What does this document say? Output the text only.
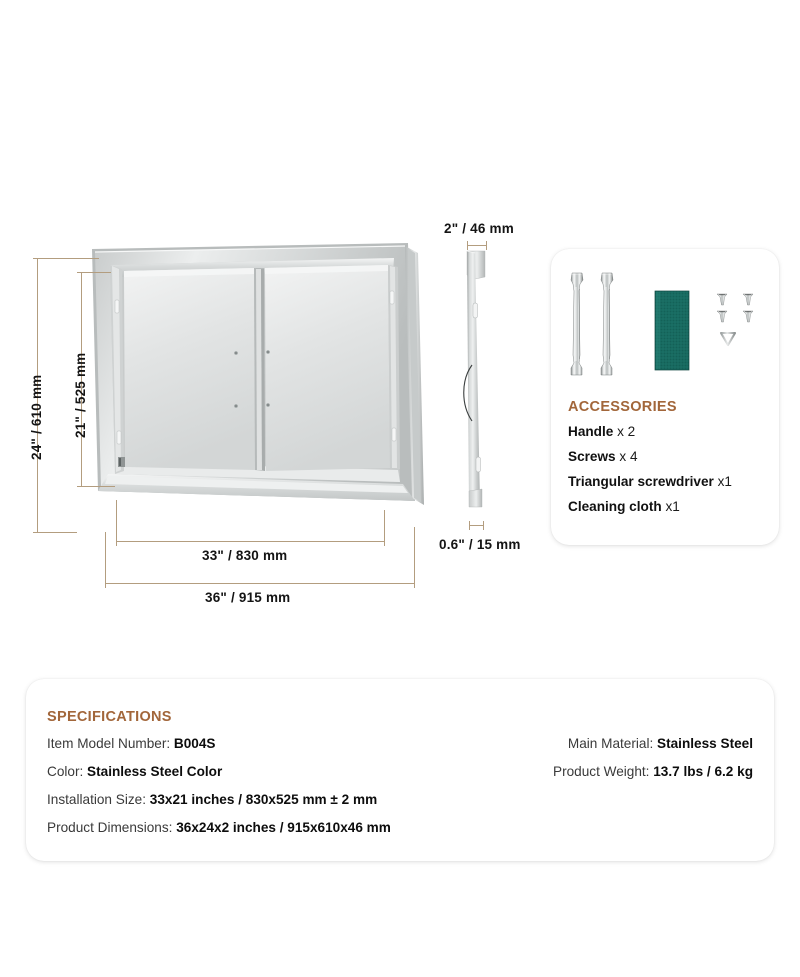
24" / 610 mm 21" / 525 mm
33" / 830 mm
36" / 915 mm
2" / 46 mm
0.6" / 15 mm
ACCESSORIES
Handle x 2
Screws x 4
Triangular screwdriver x1
Cleaning cloth x1
SPECIFICATIONS
Item Model Number: B004S
Color: Stainless Steel Color
Installation Size: 33x21 inches / 830x525 mm ± 2 mm
Product Dimensions: 36x24x2 inches / 915x610x46 mm
Main Material: Stainless Steel
Product Weight: 13.7 lbs / 6.2 kg
